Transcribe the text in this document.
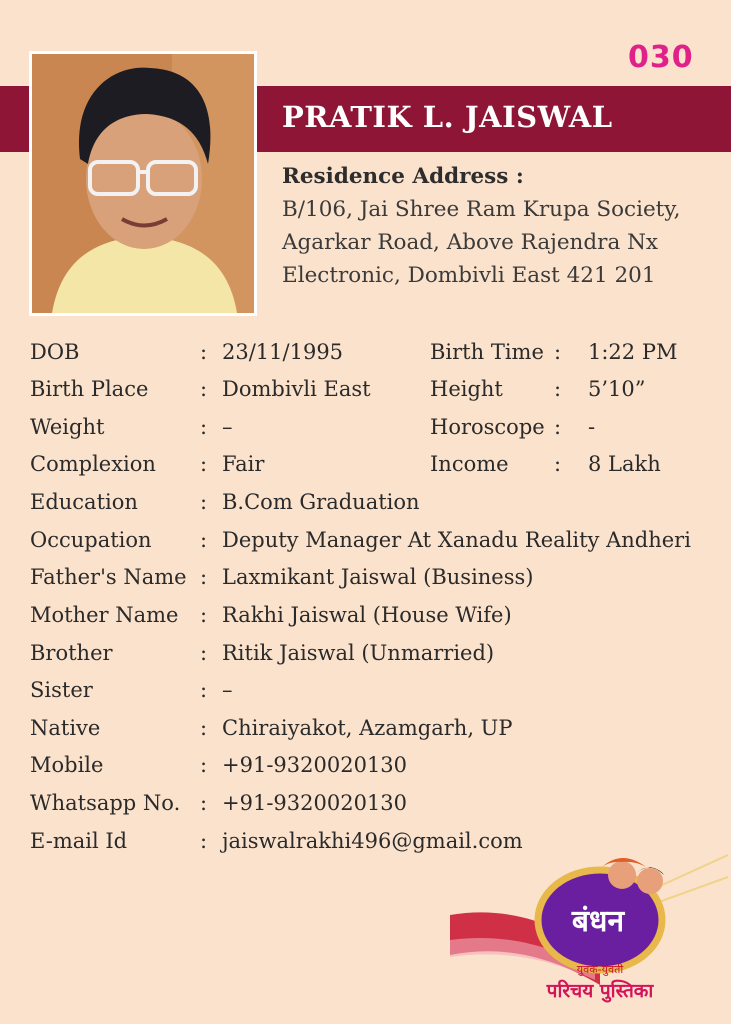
030
PRATIK L. JAISWAL
Residence Address :
B/106, Jai Shree Ram Krupa Society,
Agarkar Road, Above Rajendra Nx
Electronic, Dombivli East 421 201
DOB	: 23/11/1995	Birth Time : 1:22 PM
Birth Place : Dombivli East	Height : 5’10”
Weight	: –	Horoscope : -
Complexion : Fair	Income : 8 Lakh
Education	: B.Com Graduation
Occupation : Deputy Manager At Xanadu Reality Andheri
Father's Name : Laxmikant Jaiswal (Business)
Mother Name : Rakhi Jaiswal (House Wife)
Brother	: Ritik Jaiswal (Unmarried)
Sister	: –
Native	: Chiraiyakot, Azamgarh, UP
Mobile	: +91-9320020130
Whatsapp No. : +91-9320020130
E-mail Id	: jaiswalrakhi496@gmail.com
बंधन
युवक-युवती
परिचय पुस्तिका
